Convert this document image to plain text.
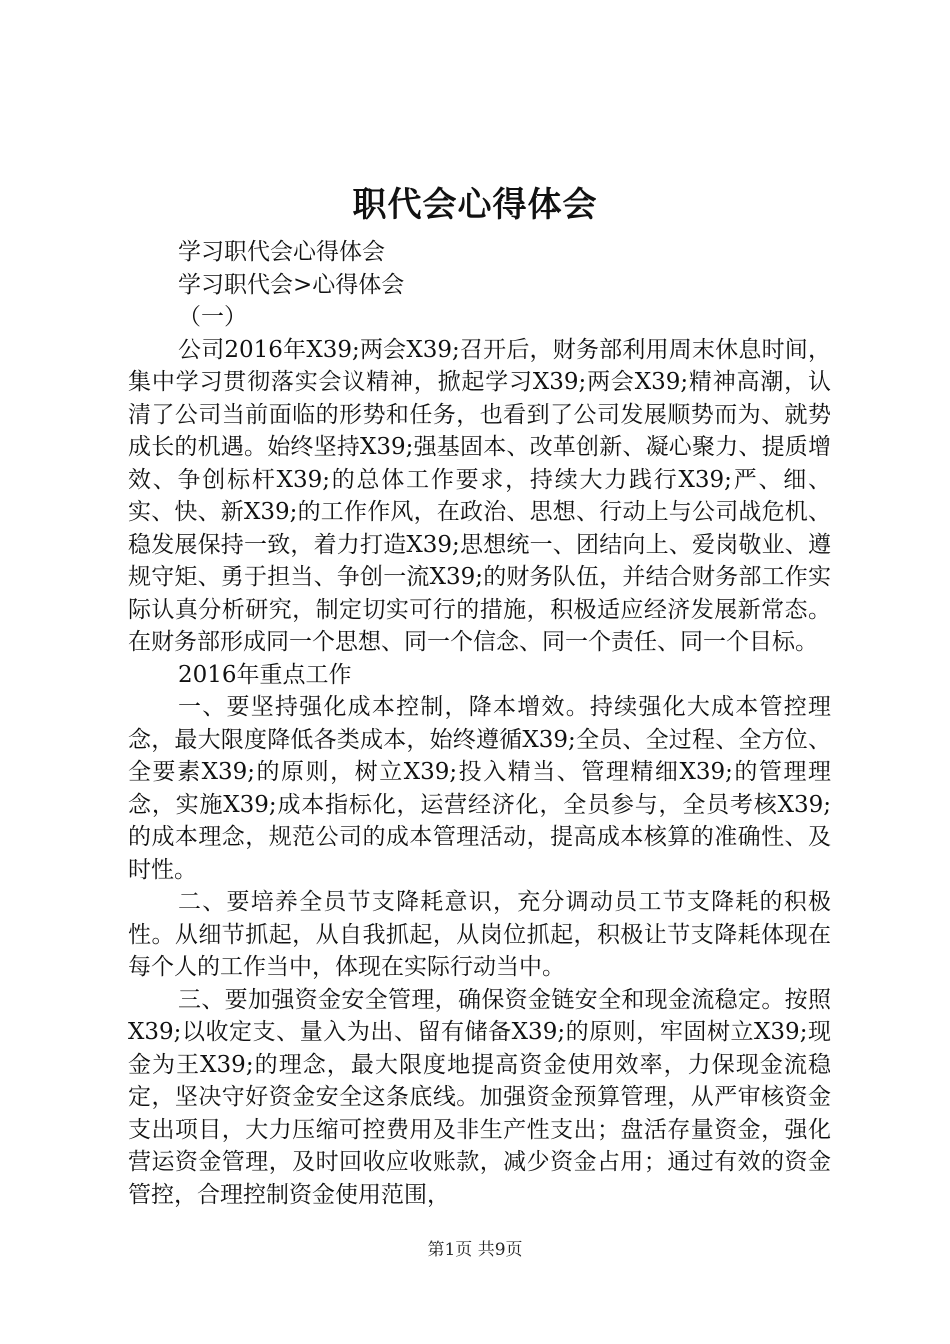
职代会心得体会

学习职代会心得体会

学习职代会>心得体会

（一）

公司2016年X39;两会X39;召开后，财务部利用周末休息时间，集中学习贯彻落实会议精神，掀起学习X39;两会X39;精神高潮，认清了公司当前面临的形势和任务，也看到了公司发展顺势而为、就势成长的机遇。始终坚持X39;强基固本、改革创新、凝心聚力、提质增效、争创标杆X39;的总体工作要求，持续大力践行X39;严、细、实、快、新X39;的工作作风，在政治、思想、行动上与公司战危机、稳发展保持一致，着力打造X39;思想统一、团结向上、爱岗敬业、遵规守矩、勇于担当、争创一流X39;的财务队伍，并结合财务部工作实际认真分析研究，制定切实可行的措施，积极适应经济发展新常态。在财务部形成同一个思想、同一个信念、同一个责任、同一个目标。

2016年重点工作

一、要坚持强化成本控制，降本增效。持续强化大成本管控理念，最大限度降低各类成本，始终遵循X39;全员、全过程、全方位、全要素X39;的原则，树立X39;投入精当、管理精细X39;的管理理念，实施X39;成本指标化，运营经济化，全员参与，全员考核X39;的成本理念，规范公司的成本管理活动，提高成本核算的准确性、及时性。

二、要培养全员节支降耗意识，充分调动员工节支降耗的积极性。从细节抓起，从自我抓起，从岗位抓起，积极让节支降耗体现在每个人的工作当中，体现在实际行动当中。

三、要加强资金安全管理，确保资金链安全和现金流稳定。按照X39;以收定支、量入为出、留有储备X39;的原则，牢固树立X39;现金为王X39;的理念，最大限度地提高资金使用效率，力保现金流稳定，坚决守好资金安全这条底线。加强资金预算管理，从严审核资金支出项目，大力压缩可控费用及非生产性支出；盘活存量资金，强化营运资金管理，及时回收应收账款，减少资金占用；通过有效的资金管控，合理控制资金使用范围，

第1页 共9页
